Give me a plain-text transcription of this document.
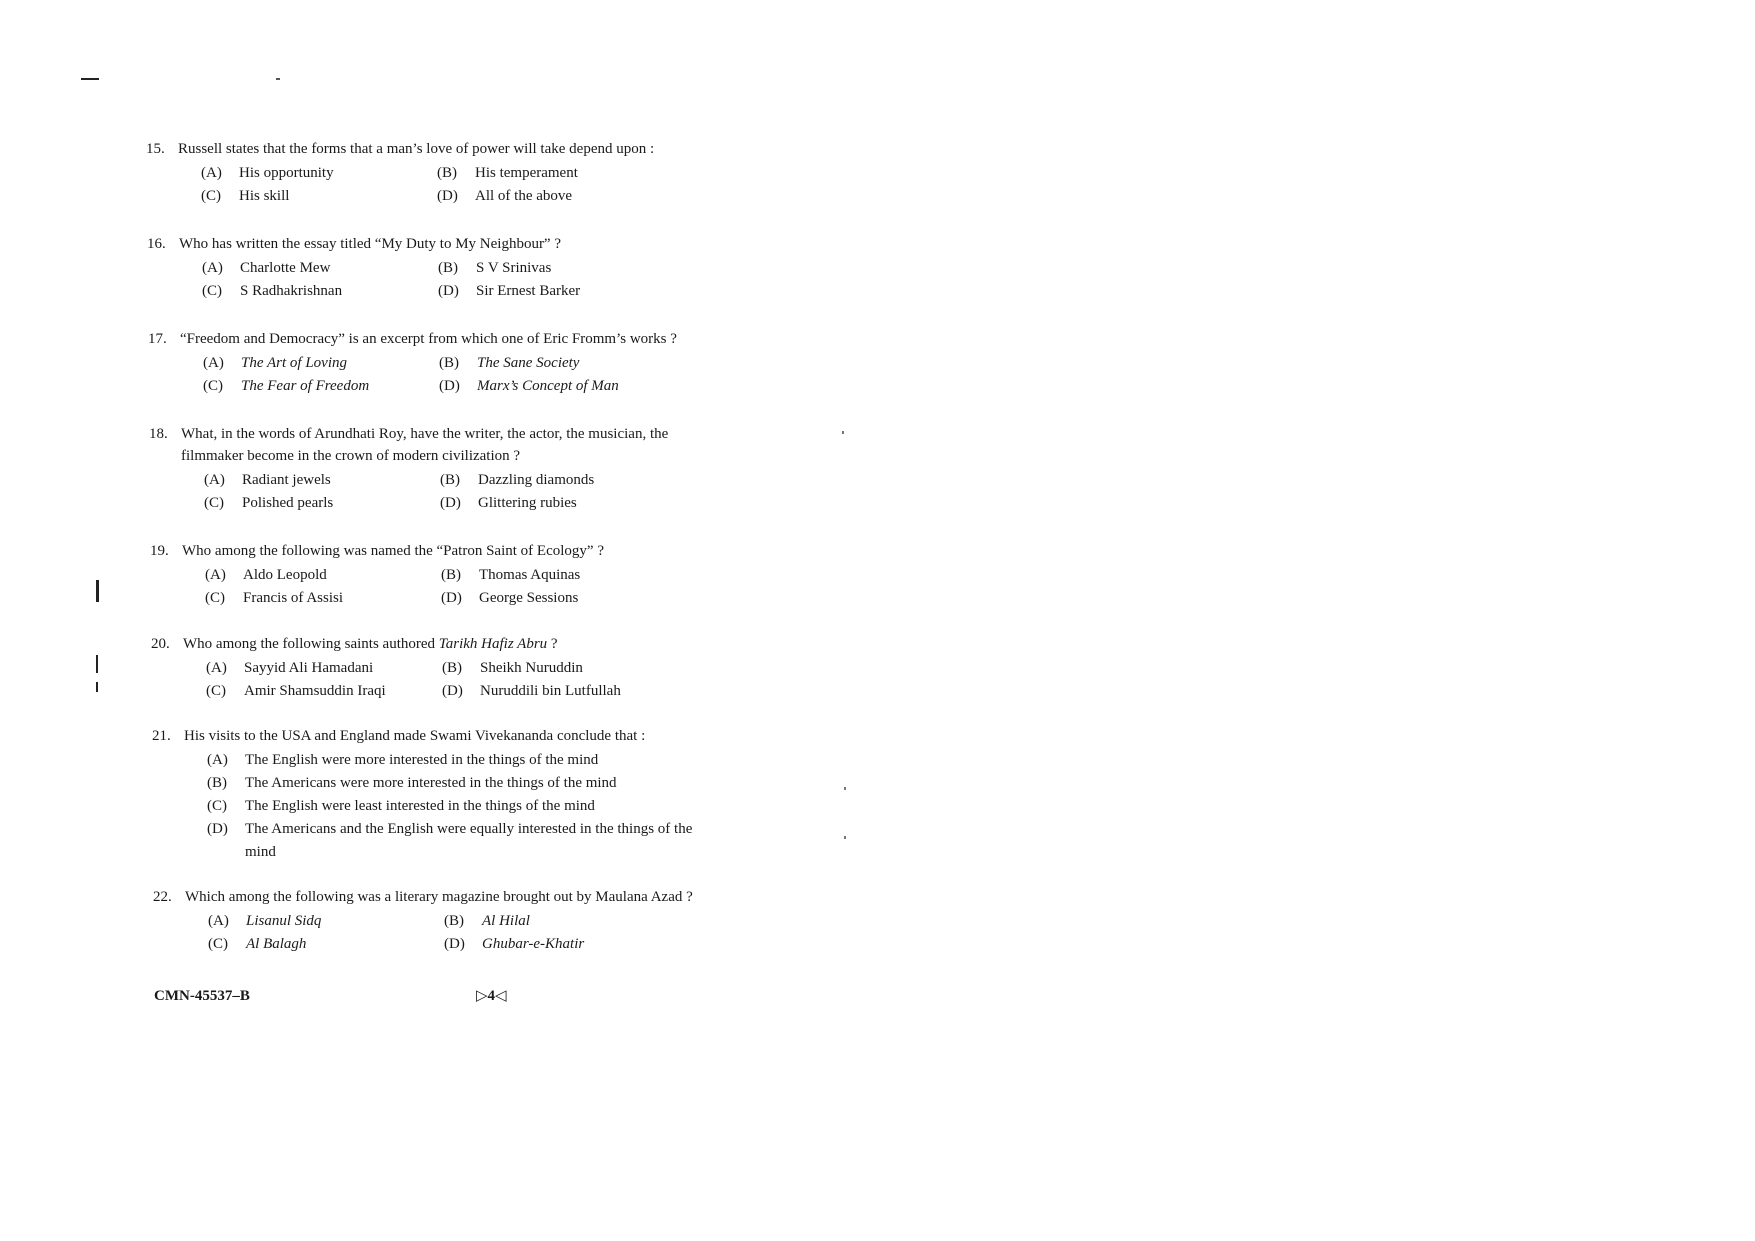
15. Russell states that the forms that a man’s love of power will take depend upon :
(A) His opportunity	(B) His temperament
(C) His skill	(D) All of the above
16. Who has written the essay titled “My Duty to My Neighbour” ?
(A) Charlotte Mew	(B) S V Srinivas
(C) S Radhakrishnan	(D) Sir Ernest Barker
17. “Freedom and Democracy” is an excerpt from which one of Eric Fromm’s works ?
(A) The Art of Loving	(B) The Sane Society
(C) The Fear of Freedom	(D) Marx’s Concept of Man
18. What, in the words of Arundhati Roy, have the writer, the actor, the musician, the
filmmaker become in the crown of modern civilization ?
(A) Radiant jewels	(B) Dazzling diamonds
(C) Polished pearls	(D) Glittering rubies
19. Who among the following was named the “Patron Saint of Ecology” ?
(A) Aldo Leopold	(B) Thomas Aquinas
(C) Francis of Assisi	(D) George Sessions
20. Who among the following saints authored Tarikh Hafiz Abru ?
(A) Sayyid Ali Hamadani	(B) Sheikh Nuruddin
(C) Amir Shamsuddin Iraqi	(D) Nuruddili bin Lutfullah
21. His visits to the USA and England made Swami Vivekananda conclude that :
(A) The English were more interested in the things of the mind
(B) The Americans were more interested in the things of the mind
(C) The English were least interested in the things of the mind
(D) The Americans and the English were equally interested in the things of the
mind
22. Which among the following was a literary magazine brought out by Maulana Azad ?
(A) Lisanul Sidq	(B) Al Hilal
(C) Al Balagh	(D) Ghubar-e-Khatir
CMN-45537–B	▷4◁
